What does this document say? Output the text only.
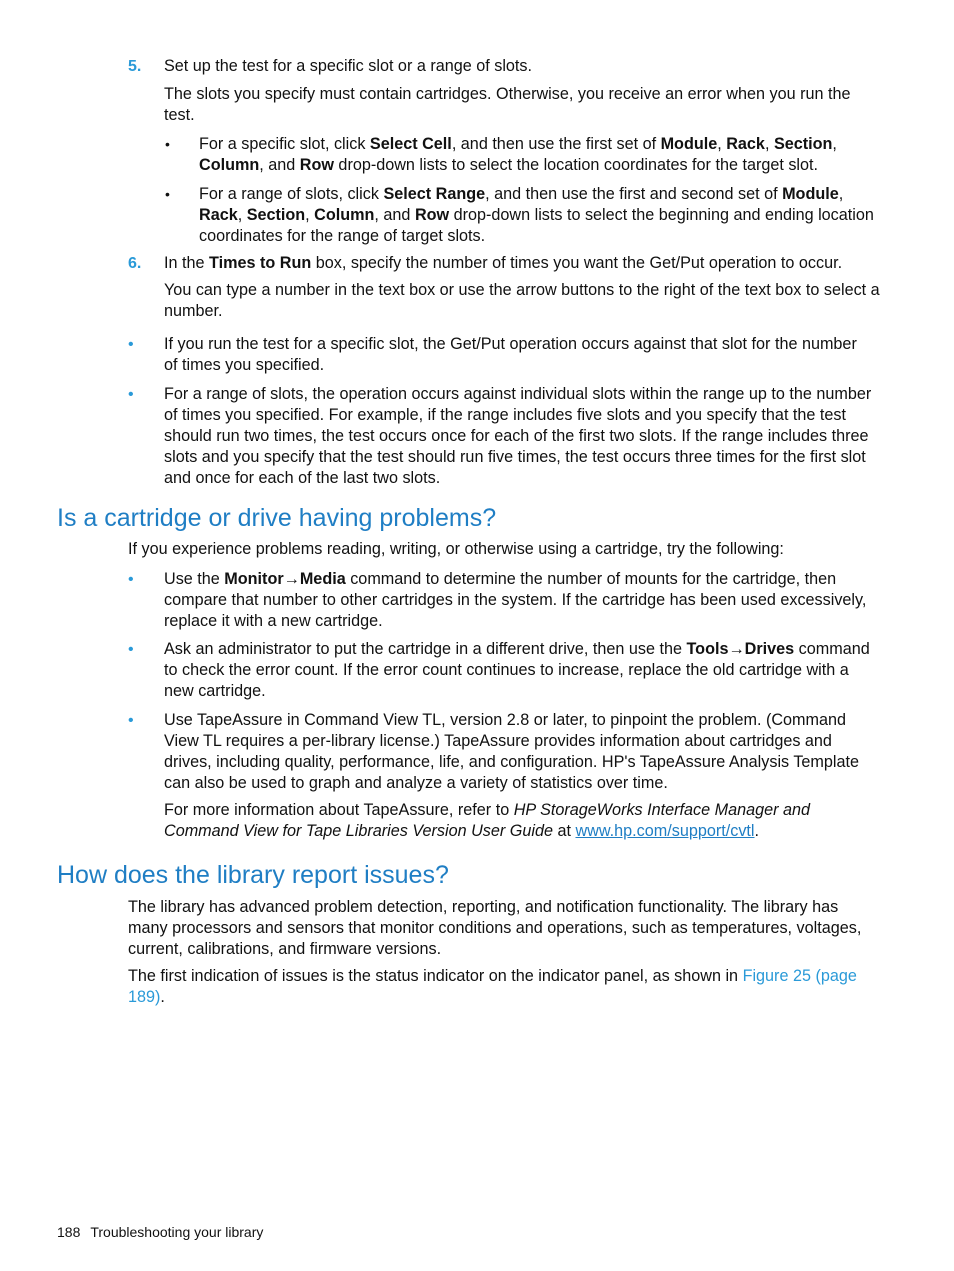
5. Set up the test for a specific slot or a range of slots.

The slots you specify must contain cartridges. Otherwise, you receive an error when you run the test.

• For a specific slot, click Select Cell, and then use the first set of Module, Rack, Section, Column, and Row drop-down lists to select the location coordinates for the target slot.
• For a range of slots, click Select Range, and then use the first and second set of Module, Rack, Section, Column, and Row drop-down lists to select the beginning and ending location coordinates for the range of target slots.
6. In the Times to Run box, specify the number of times you want the Get/Put operation to occur.

You can type a number in the text box or use the arrow buttons to the right of the text box to select a number.

• If you run the test for a specific slot, the Get/Put operation occurs against that slot for the number of times you specified.
• For a range of slots, the operation occurs against individual slots within the range up to the number of times you specified. For example, if the range includes five slots and you specify that the test should run two times, the test occurs once for each of the first two slots. If the range includes three slots and you specify that the test should run five times, the test occurs three times for the first slot and once for each of the last two slots.
Is a cartridge or drive having problems?
If you experience problems reading, writing, or otherwise using a cartridge, try the following:
• Use the Monitor→Media command to determine the number of mounts for the cartridge, then compare that number to other cartridges in the system. If the cartridge has been used excessively, replace it with a new cartridge.
• Ask an administrator to put the cartridge in a different drive, then use the Tools→Drives command to check the error count. If the error count continues to increase, replace the old cartridge with a new cartridge.
• Use TapeAssure in Command View TL, version 2.8 or later, to pinpoint the problem. (Command View TL requires a per-library license.) TapeAssure provides information about cartridges and drives, including quality, performance, life, and configuration. HP's TapeAssure Analysis Template can also be used to graph and analyze a variety of statistics over time.

For more information about TapeAssure, refer to HP StorageWorks Interface Manager and Command View for Tape Libraries Version User Guide at www.hp.com/support/cvtl.

How does the library report issues?

The library has advanced problem detection, reporting, and notification functionality. The library has many processors and sensors that monitor conditions and operations, such as temperatures, voltages, current, calibrations, and firmware versions.

The first indication of issues is the status indicator on the indicator panel, as shown in Figure 25 (page 189).

188 Troubleshooting your library
